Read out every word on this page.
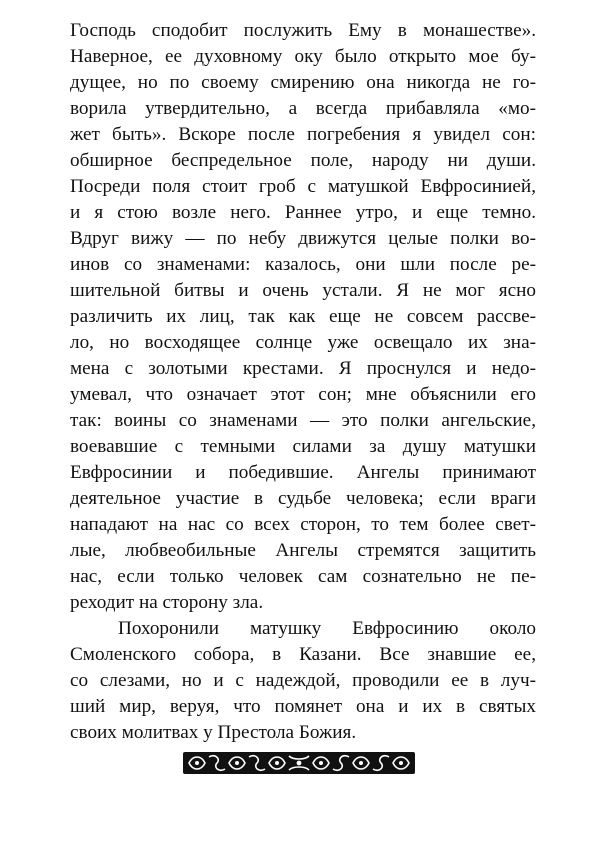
Господь сподобит послужить Ему в монашестве».
Наверное, ее духовному оку было открыто мое бу-
дущее, но по своему смирению она никогда не го-
ворила утвердительно, а всегда прибавляла «мо-
жет быть». Вскоре после погребения я увидел сон:
обширное беспредельное поле, народу ни души.
Посреди поля стоит гроб с матушкой Евфросинией,
и я стою возле него. Раннее утро, и еще темно.
Вдруг вижу — по небу движутся целые полки во-
инов со знаменами: казалось, они шли после ре-
шительной битвы и очень устали. Я не мог ясно
различить их лиц, так как еще не совсем рассве-
ло, но восходящее солнце уже освещало их зна-
мена с золотыми крестами. Я проснулся и недо-
умевал, что означает этот сон; мне объяснили его
так: воины со знаменами — это полки ангельские,
воевавшие с темными силами за душу матушки
Евфросинии и победившие. Ангелы принимают
деятельное участие в судьбе человека; если враги
нападают на нас со всех сторон, то тем более свет-
лые, любвеобильные Ангелы стремятся защитить
нас, если только человек сам сознательно не пе-
реходит на сторону зла.
Похоронили матушку Евфросинию около
Смоленского собора, в Казани. Все знавшие ее,
со слезами, но и с надеждой, проводили ее в луч-
ший мир, веруя, что помянет она и их в святых
своих молитвах у Престола Божия.
